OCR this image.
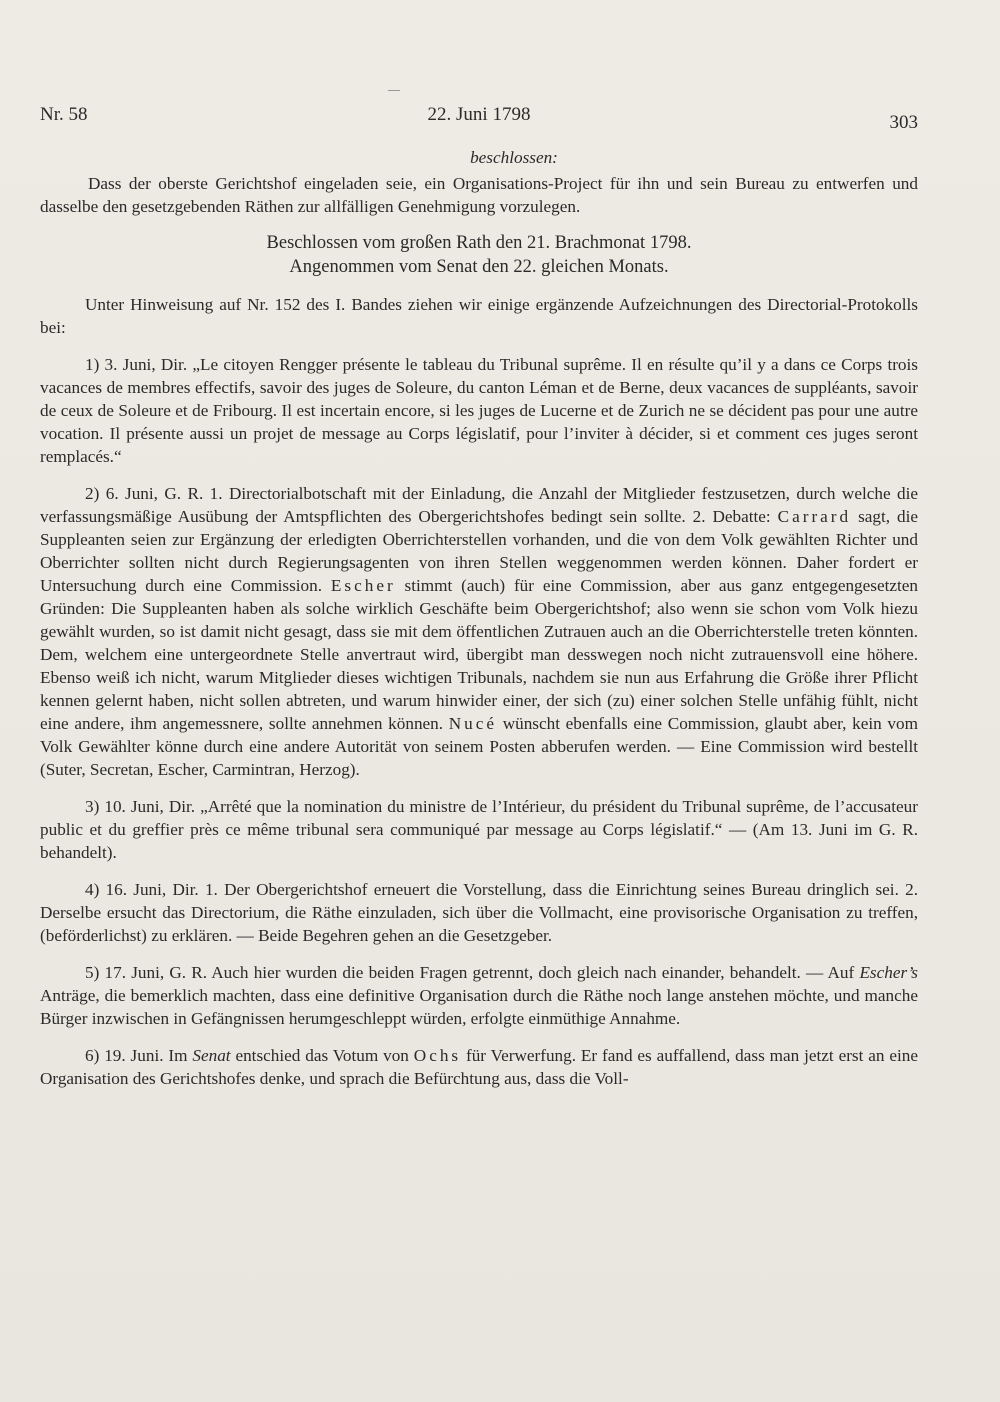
Nr. 58	22. Juni 1798	303

beschlossen:

Dass der oberste Gerichtshof eingeladen seie, ein Organisations-Project für ihn und sein Bureau zu entwerfen und dasselbe den gesetzgebenden Räthen zur allfälligen Genehmigung vorzulegen.

Beschlossen vom großen Rath den 21. Brachmonat 1798.

Angenommen vom Senat den 22. gleichen Monats.

Unter Hinweisung auf Nr. 152 des I. Bandes ziehen wir einige ergänzende Aufzeichnungen des Directorial-Protokolls bei:

1) 3. Juni, Dir. „Le citoyen Rengger présente le tableau du Tribunal suprême. Il en résulte qu’il y a dans ce Corps trois vacances de membres effectifs, savoir des juges de Soleure, du canton Léman et de Berne, deux vacances de suppléants, savoir de ceux de Soleure et de Fribourg. Il est incertain encore, si les juges de Lucerne et de Zurich ne se décident pas pour une autre vocation. Il présente aussi un projet de message au Corps législatif, pour l’inviter à décider, si et comment ces juges seront remplacés.“

2) 6. Juni, G. R. 1. Directorialbotschaft mit der Einladung, die Anzahl der Mitglieder festzusetzen, durch welche die verfassungsmäßige Ausübung der Amtspflichten des Obergerichtshofes bedingt sein sollte. 2. Debatte: Carrard sagt, die Suppleanten seien zur Ergänzung der erledigten Oberrichterstellen vorhanden, und die von dem Volk gewählten Richter und Oberrichter sollten nicht durch Regierungsagenten von ihren Stellen weggenommen werden können. Daher fordert er Untersuchung durch eine Commission. Escher stimmt (auch) für eine Commission, aber aus ganz entgegengesetzten Gründen: Die Suppleanten haben als solche wirklich Geschäfte beim Obergerichtshof; also wenn sie schon vom Volk hiezu gewählt wurden, so ist damit nicht gesagt, dass sie mit dem öffentlichen Zutrauen auch an die Oberrichterstelle treten könnten. Dem, welchem eine untergeordnete Stelle anvertraut wird, übergibt man desswegen noch nicht zutrauensvoll eine höhere. Ebenso weiß ich nicht, warum Mitglieder dieses wichtigen Tribunals, nachdem sie nun aus Erfahrung die Größe ihrer Pflicht kennen gelernt haben, nicht sollen abtreten, und warum hinwider einer, der sich (zu) einer solchen Stelle unfähig fühlt, nicht eine andere, ihm angemessnere, sollte annehmen können. Nucé wünscht ebenfalls eine Commission, glaubt aber, kein vom Volk Gewählter könne durch eine andere Autorität von seinem Posten abberufen werden. — Eine Commission wird bestellt (Suter, Secretan, Escher, Carmintran, Herzog).

3) 10. Juni, Dir. „Arrêté que la nomination du ministre de l’Intérieur, du président du Tribunal suprême, de l’accusateur public et du greffier près ce même tribunal sera communiqué par message au Corps législatif.“ — (Am 13. Juni im G. R. behandelt).

4) 16. Juni, Dir. 1. Der Obergerichtshof erneuert die Vorstellung, dass die Einrichtung seines Bureau dringlich sei. 2. Derselbe ersucht das Directorium, die Räthe einzuladen, sich über die Vollmacht, eine provisorische Organisation zu treffen, (beförderlichst) zu erklären. — Beide Begehren gehen an die Gesetzgeber.

5) 17. Juni, G. R. Auch hier wurden die beiden Fragen getrennt, doch gleich nach einander, behandelt. — Auf Escher’s Anträge, die bemerklich machten, dass eine definitive Organisation durch die Räthe noch lange anstehen möchte, und manche Bürger inzwischen in Gefängnissen herumgeschleppt würden, erfolgte einmüthige Annahme.

6) 19. Juni. Im Senat entschied das Votum von Ochs für Verwerfung. Er fand es auffallend, dass man jetzt erst an eine Organisation des Gerichtshofes denke, und sprach die Befürchtung aus, dass die Voll-
